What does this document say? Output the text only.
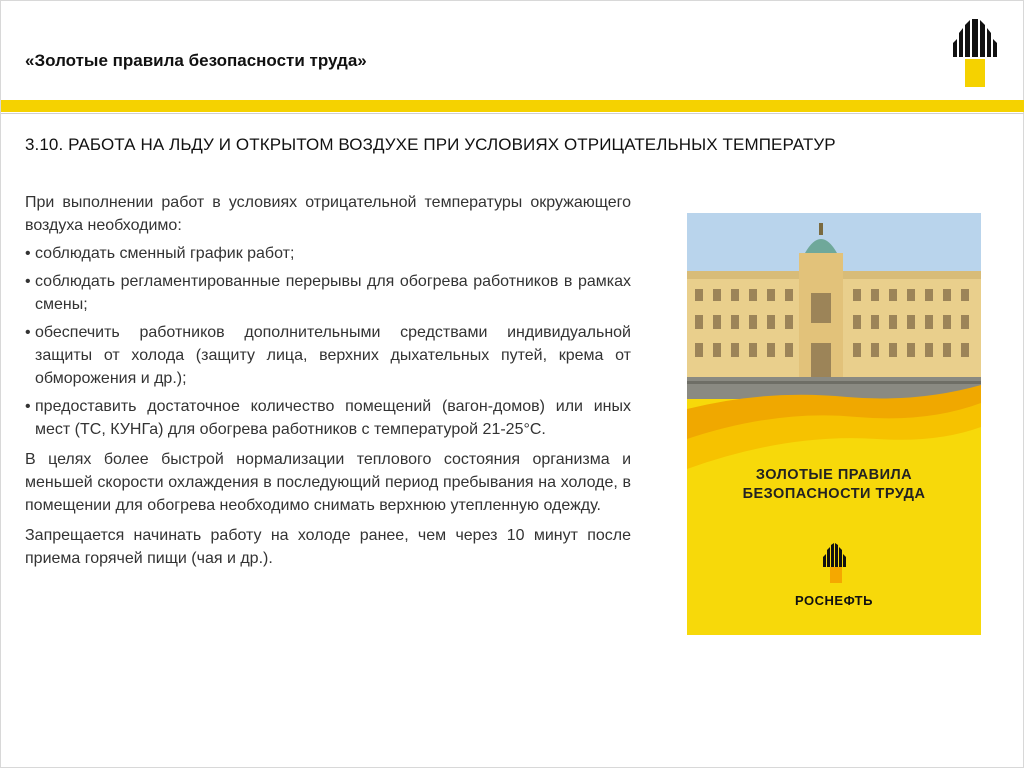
«Золотые правила безопасности труда»
3.10. РАБОТА НА ЛЬДУ И ОТКРЫТОМ ВОЗДУХЕ ПРИ УСЛОВИЯХ ОТРИЦАТЕЛЬНЫХ ТЕМПЕРАТУР

При выполнении работ в условиях отрицательной температуры окружающего воздуха необходимо:

• соблюдать сменный график работ;
• соблюдать регламентированные перерывы для обогрева работников в рамках смены;
• обеспечить работников дополнительными средствами индивидуальной защиты от холода (защиту лица, верхних дыхательных путей, крема от обморожения и др.);
• предоставить достаточное количество помещений (вагон-домов) или иных мест (ТС, КУНГа) для обогрева работников с температурой 21-25°С.

В целях более быстрой нормализации теплового состояния организма и меньшей скорости охлаждения в последующий период пребывания на холоде, в помещении для обогрева необходимо снимать верхнюю утепленную одежду.

Запрещается начинать работу на холоде ранее, чем через 10 минут после приема горячей пищи (чая и др.).

ЗОЛОТЫЕ ПРАВИЛА
БЕЗОПАСНОСТИ ТРУДА
РОСНЕФТЬ
